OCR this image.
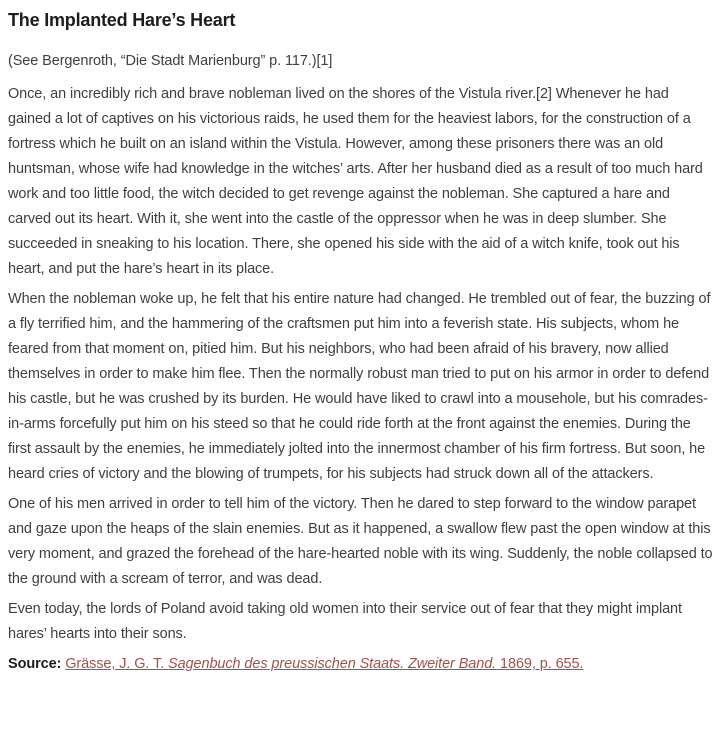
The Implanted Hare’s Heart

(See Bergenroth, “Die Stadt Marienburg” p. 117.)[1]

Once, an incredibly rich and brave nobleman lived on the shores of the Vistula river.[2] Whenever he had gained a lot of captives on his victorious raids, he used them for the heaviest labors, for the construction of a fortress which he built on an island within the Vistula. However, among these prisoners there was an old huntsman, whose wife had knowledge in the witches’ arts. After her husband died as a result of too much hard work and too little food, the witch decided to get revenge against the nobleman. She captured a hare and carved out its heart. With it, she went into the castle of the oppressor when he was in deep slumber. She succeeded in sneaking to his location. There, she opened his side with the aid of a witch knife, took out his heart, and put the hare’s heart in its place.

When the nobleman woke up, he felt that his entire nature had changed. He trembled out of fear, the buzzing of a fly terrified him, and the hammering of the craftsmen put him into a feverish state. His subjects, whom he feared from that moment on, pitied him. But his neighbors, who had been afraid of his bravery, now allied themselves in order to make him flee. Then the normally robust man tried to put on his armor in order to defend his castle, but he was crushed by its burden. He would have liked to crawl into a mousehole, but his comrades-in-arms forcefully put him on his steed so that he could ride forth at the front against the enemies. During the first assault by the enemies, he immediately jolted into the innermost chamber of his firm fortress. But soon, he heard cries of victory and the blowing of trumpets, for his subjects had struck down all of the attackers.

One of his men arrived in order to tell him of the victory. Then he dared to step forward to the window parapet and gaze upon the heaps of the slain enemies. But as it happened, a swallow flew past the open window at this very moment, and grazed the forehead of the hare-hearted noble with its wing. Suddenly, the noble collapsed to the ground with a scream of terror, and was dead.

Even today, the lords of Poland avoid taking old women into their service out of fear that they might implant hares’ hearts into their sons.

Source: Grässe, J. G. T. Sagenbuch des preussischen Staats. Zweiter Band. 1869, p. 655.
